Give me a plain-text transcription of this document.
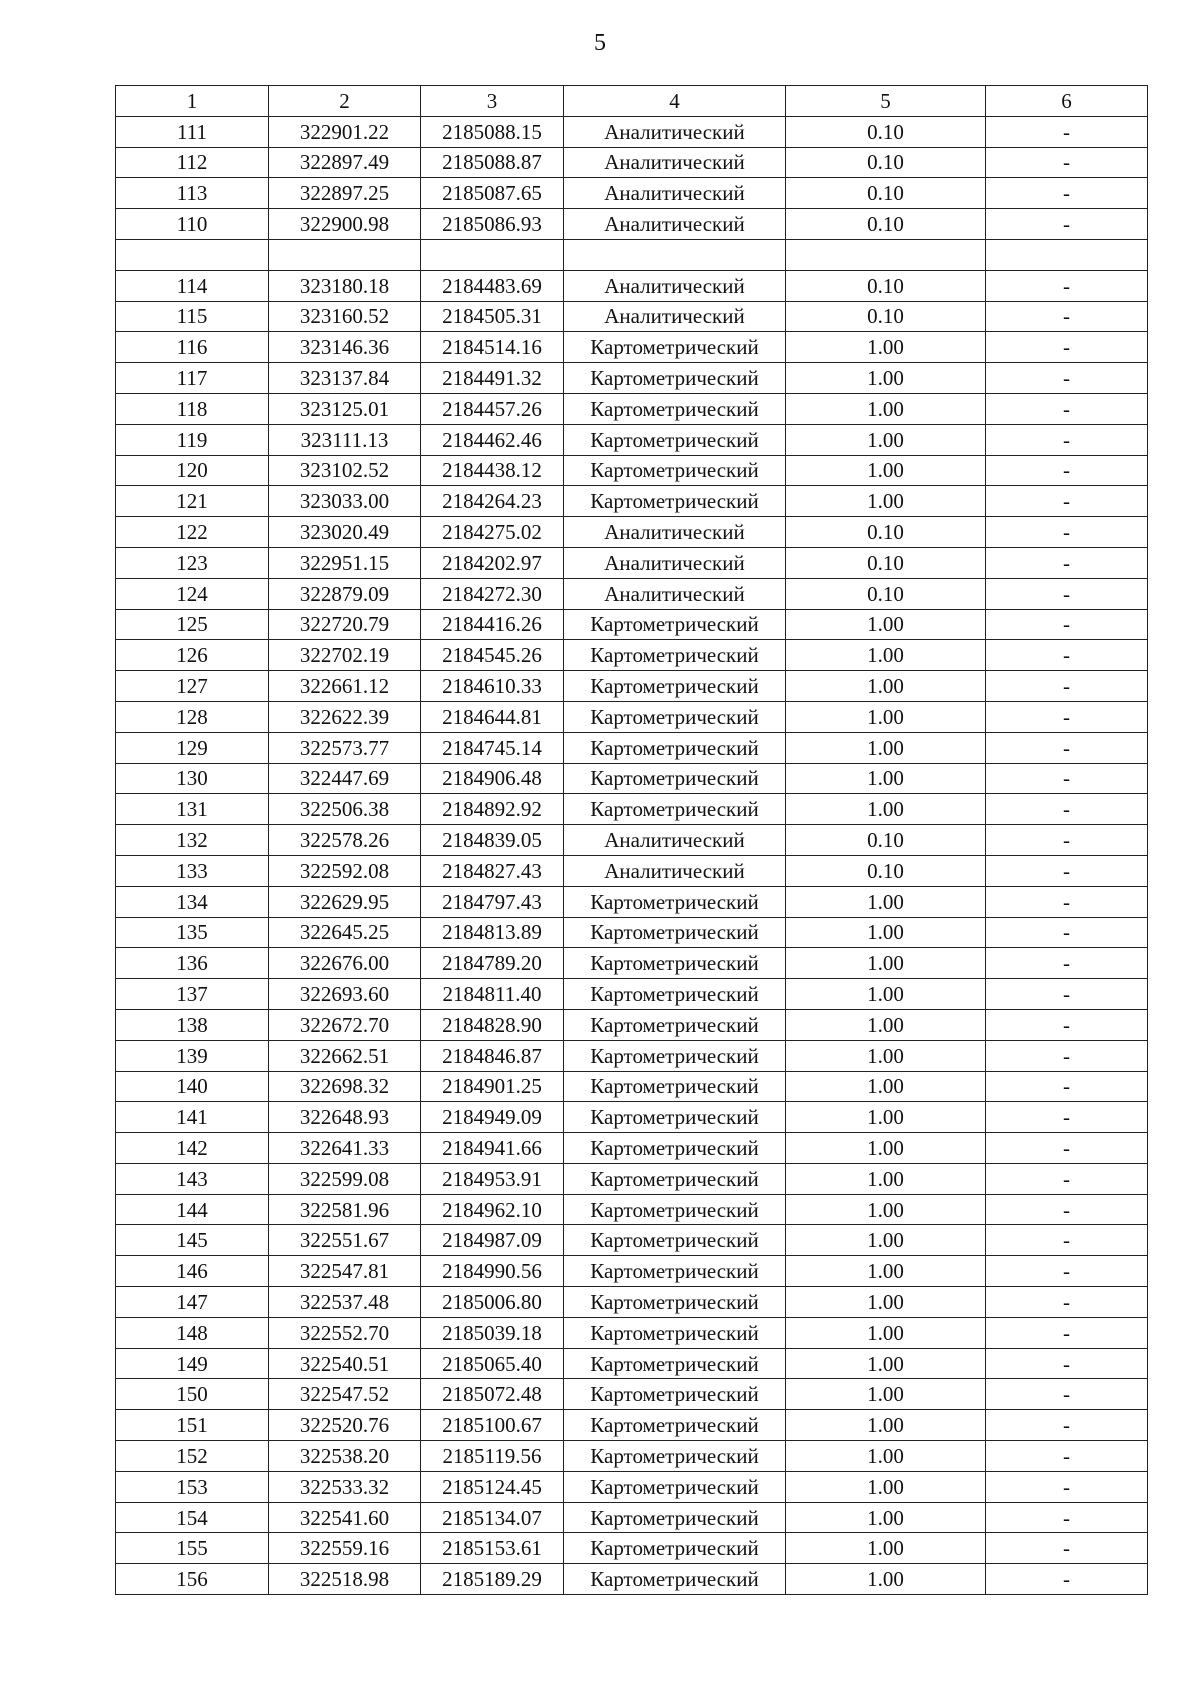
5
1	2	3	4	5	6
111	322901.22	2185088.15	Аналитический	0.10	-
112	322897.49	2185088.87	Аналитический	0.10	-
113	322897.25	2185087.65	Аналитический	0.10	-
110	322900.98	2185086.93	Аналитический	0.10	-

114	323180.18	2184483.69	Аналитический	0.10	-
115	323160.52	2184505.31	Аналитический	0.10	-
116	323146.36	2184514.16	Картометрический	1.00	-
117	323137.84	2184491.32	Картометрический	1.00	-
118	323125.01	2184457.26	Картометрический	1.00	-
119	323111.13	2184462.46	Картометрический	1.00	-
120	323102.52	2184438.12	Картометрический	1.00	-
121	323033.00	2184264.23	Картометрический	1.00	-
122	323020.49	2184275.02	Аналитический	0.10	-
123	322951.15	2184202.97	Аналитический	0.10	-
124	322879.09	2184272.30	Аналитический	0.10	-
125	322720.79	2184416.26	Картометрический	1.00	-
126	322702.19	2184545.26	Картометрический	1.00	-
127	322661.12	2184610.33	Картометрический	1.00	-
128	322622.39	2184644.81	Картометрический	1.00	-
129	322573.77	2184745.14	Картометрический	1.00	-
130	322447.69	2184906.48	Картометрический	1.00	-
131	322506.38	2184892.92	Картометрический	1.00	-
132	322578.26	2184839.05	Аналитический	0.10	-
133	322592.08	2184827.43	Аналитический	0.10	-
134	322629.95	2184797.43	Картометрический	1.00	-
135	322645.25	2184813.89	Картометрический	1.00	-
136	322676.00	2184789.20	Картометрический	1.00	-
137	322693.60	2184811.40	Картометрический	1.00	-
138	322672.70	2184828.90	Картометрический	1.00	-
139	322662.51	2184846.87	Картометрический	1.00	-
140	322698.32	2184901.25	Картометрический	1.00	-
141	322648.93	2184949.09	Картометрический	1.00	-
142	322641.33	2184941.66	Картометрический	1.00	-
143	322599.08	2184953.91	Картометрический	1.00	-
144	322581.96	2184962.10	Картометрический	1.00	-
145	322551.67	2184987.09	Картометрический	1.00	-
146	322547.81	2184990.56	Картометрический	1.00	-
147	322537.48	2185006.80	Картометрический	1.00	-
148	322552.70	2185039.18	Картометрический	1.00	-
149	322540.51	2185065.40	Картометрический	1.00	-
150	322547.52	2185072.48	Картометрический	1.00	-
151	322520.76	2185100.67	Картометрический	1.00	-
152	322538.20	2185119.56	Картометрический	1.00	-
153	322533.32	2185124.45	Картометрический	1.00	-
154	322541.60	2185134.07	Картометрический	1.00	-
155	322559.16	2185153.61	Картометрический	1.00	-
156	322518.98	2185189.29	Картометрический	1.00	-
